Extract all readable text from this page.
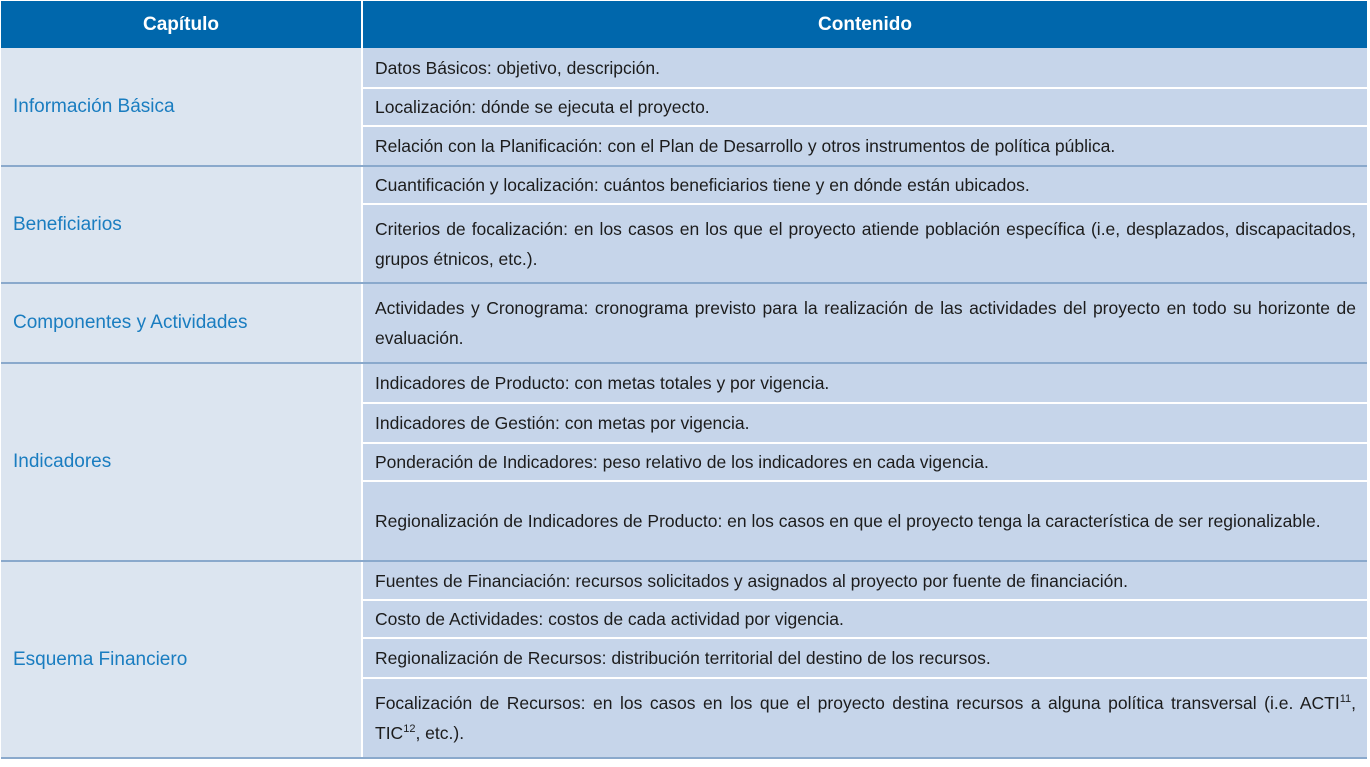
Capítulo	Contenido
Información Básica	Datos Básicos: objetivo, descripción.
	Localización: dónde se ejecuta el proyecto.
	Relación con la Planificación: con el Plan de Desarrollo y otros instrumentos de política pública.
Beneficiarios	Cuantificación y localización: cuántos beneficiarios tiene y en dónde están ubicados.
	Criterios de focalización: en los casos en los que el proyecto atiende población específica (i.e, desplazados, discapacitados, grupos étnicos, etc.).
Componentes y Actividades	Actividades y Cronograma: cronograma previsto para la realización de las actividades del proyecto en todo su horizonte de evaluación.
Indicadores	Indicadores de Producto: con metas totales y por vigencia.
	Indicadores de Gestión: con metas por vigencia.
	Ponderación de Indicadores: peso relativo de los indicadores en cada vigencia.
	Regionalización de Indicadores de Producto: en los casos en que el proyecto tenga la característica de ser regionalizable.
Esquema Financiero	Fuentes de Financiación: recursos solicitados y asignados al proyecto por fuente de financiación.
	Costo de Actividades: costos de cada actividad por vigencia.
	Regionalización de Recursos: distribución territorial del destino de los recursos.
	Focalización de Recursos: en los casos en los que el proyecto destina recursos a alguna política transversal (i.e. ACTI$^{11}$, TIC$^{12}$, etc.).
